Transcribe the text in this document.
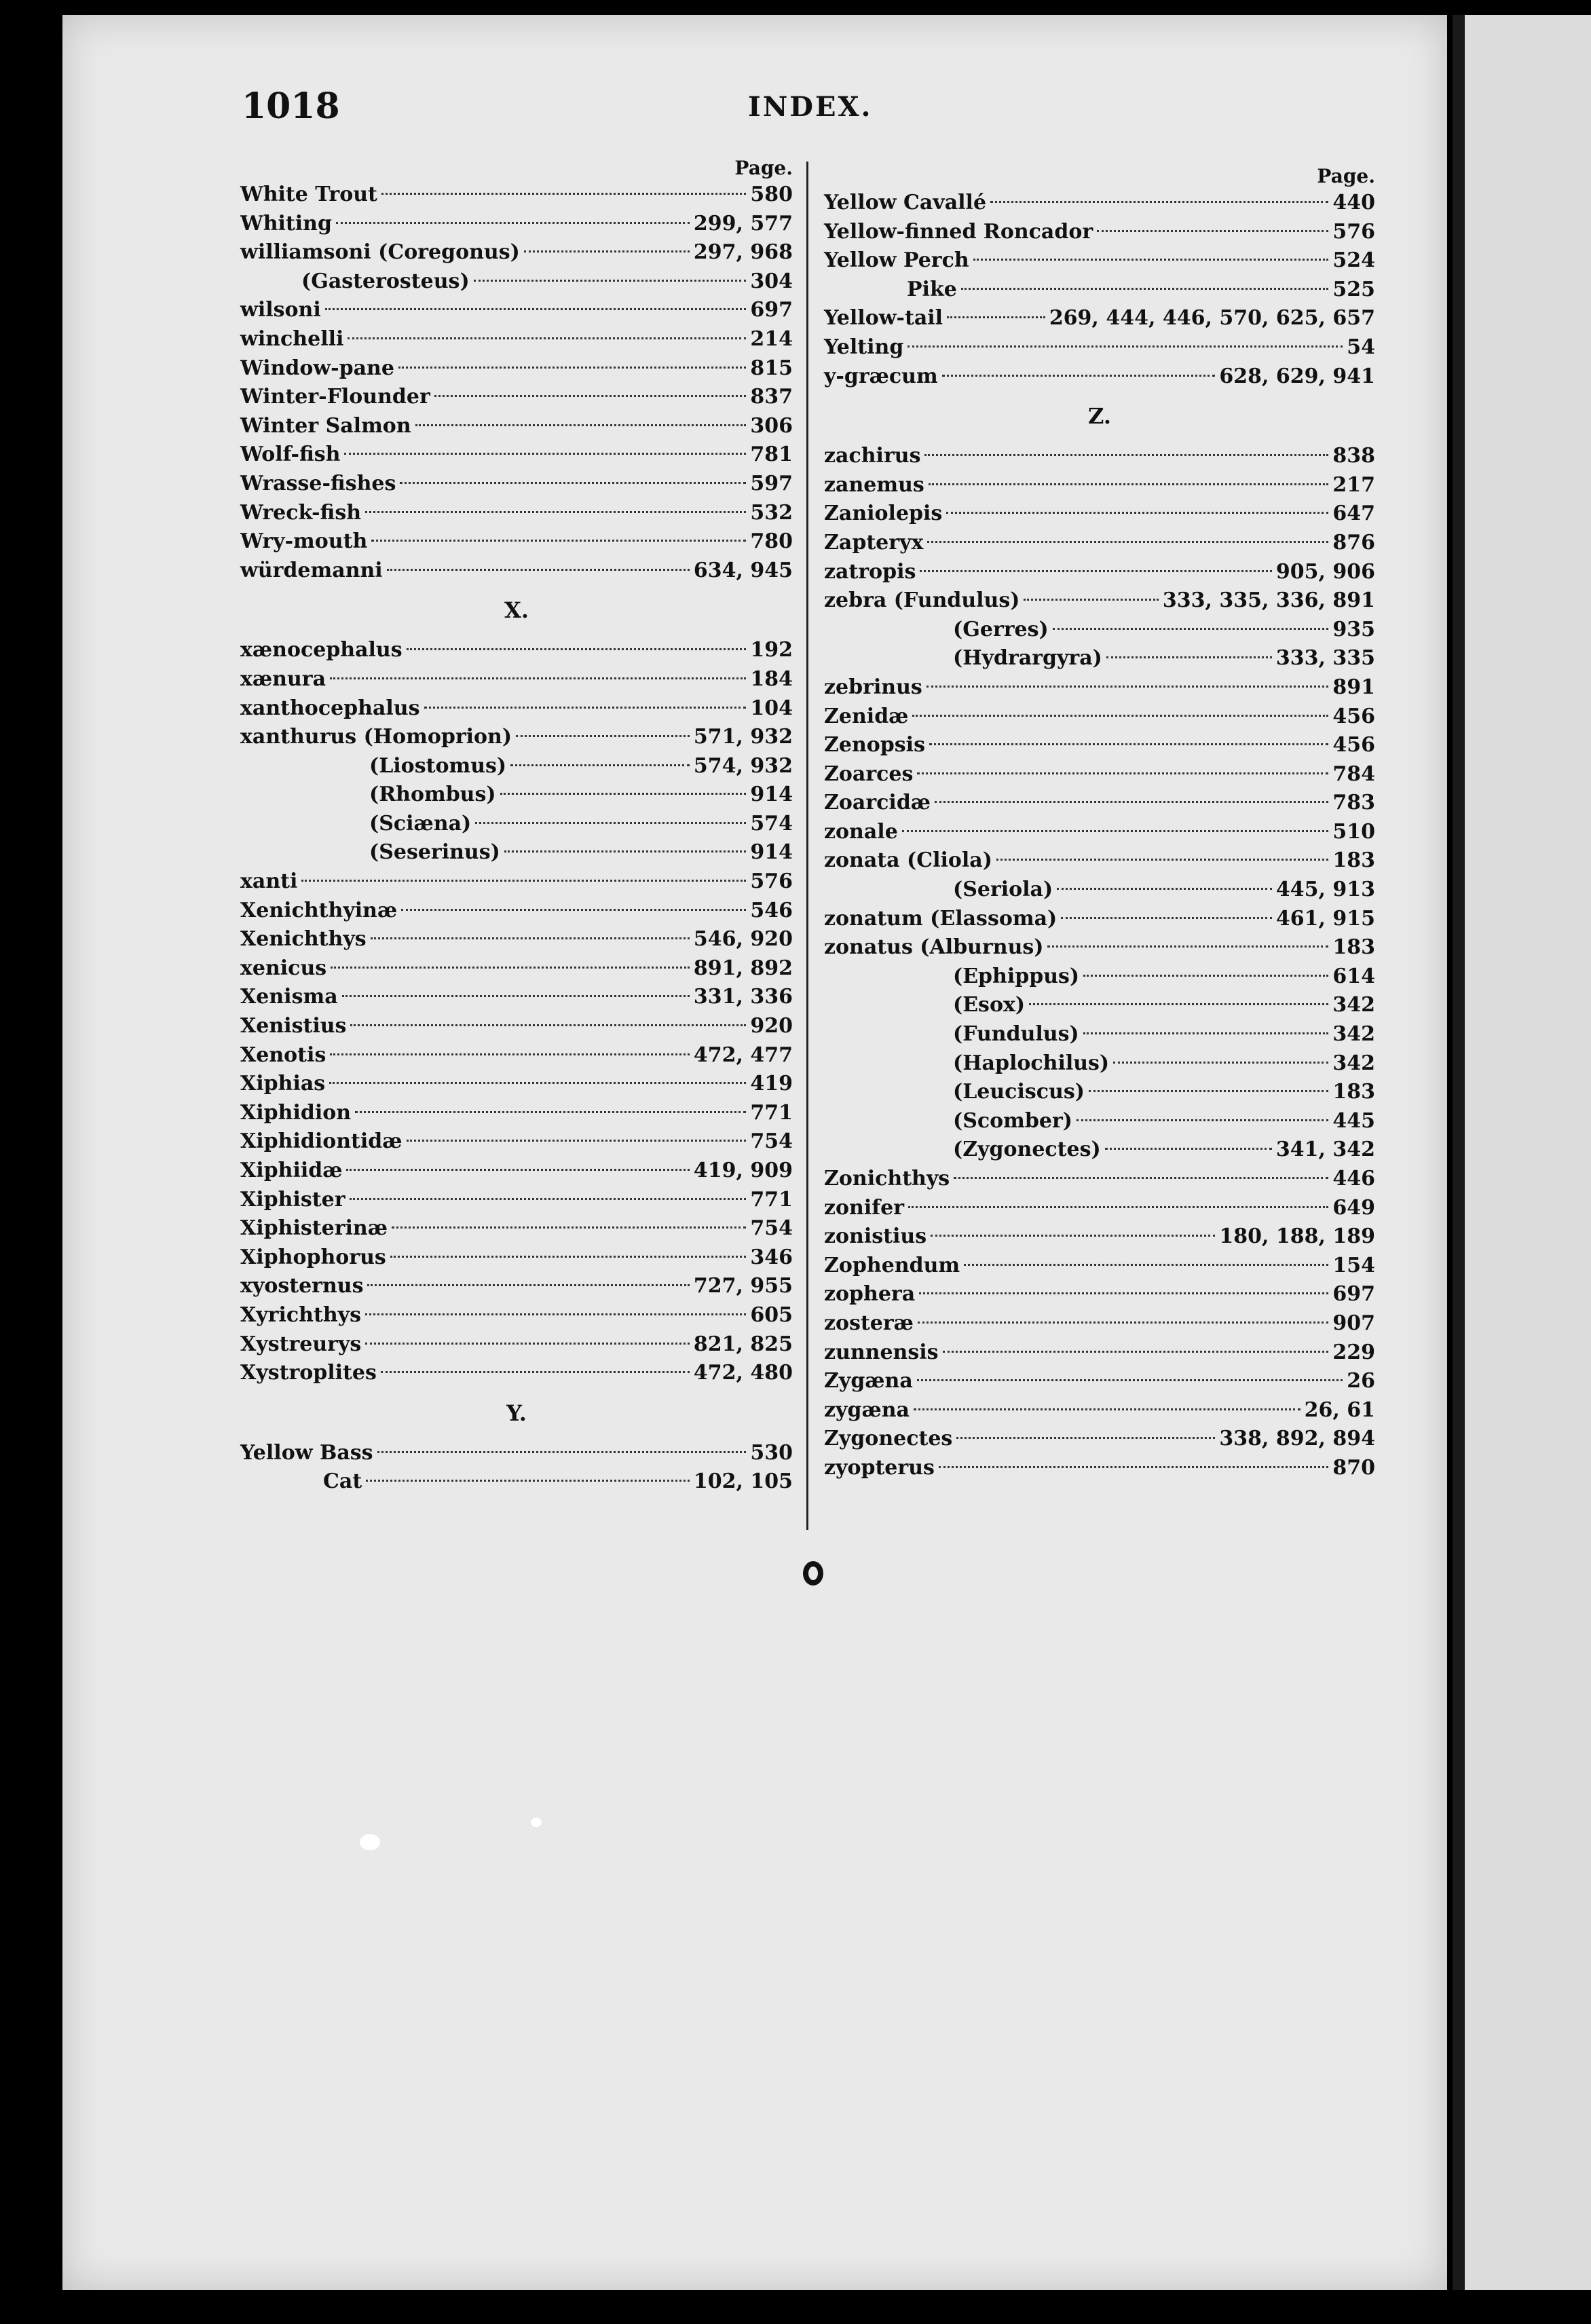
1018	INDEX.
Page.
White Trout	580
Whiting	299, 577
williamsoni (Coregonus)	297, 968
(Gasterosteus)	304
wilsoni	697
winchelli	214
Window-pane	815
Winter-Flounder	837
Winter Salmon	306
Wolf-fish	781
Wrasse-fishes	597
Wreck-fish	532
Wry-mouth	780
würdemanni	634, 945
X.
xænocephalus	192
xænura	184
xanthocephalus	104
xanthurus (Homoprion)	571, 932
(Liostomus)	574, 932
(Rhombus)	914
(Sciæna)	574
(Seserinus)	914
xanti	576
Xenichthyinæ	546
Xenichthys	546, 920
xenicus	891, 892
Xenisma	331, 336
Xenistius	920
Xenotis	472, 477
Xiphias	419
Xiphidion	771
Xiphidiontidæ	754
Xiphiidæ	419, 909
Xiphister	771
Xiphisterinæ	754
Xiphophorus	346
xyosternus	727, 955
Xyrichthys	605
Xystreurys	821, 825
Xystroplites	472, 480
Y.
Yellow Bass	530
Cat	102, 105
Page.
Yellow Cavallé	440
Yellow-finned Roncador	576
Yellow Perch	524
Pike	525
Yellow-tail	269, 444, 446, 570, 625, 657
Yelting	54
y-græcum	628, 629, 941
Z.
zachirus	838
zanemus	217
Zaniolepis	647
Zapteryx	876
zatropis	905, 906
zebra (Fundulus)	333, 335, 336, 891
(Gerres)	935
(Hydrargyra)	333, 335
zebrinus	891
Zenidæ	456
Zenopsis	456
Zoarces	784
Zoarcidæ	783
zonale	510
zonata (Cliola)	183
(Seriola)	445, 913
zonatum (Elassoma)	461, 915
zonatus (Alburnus)	183
(Ephippus)	614
(Esox)	342
(Fundulus)	342
(Haplochilus)	342
(Leuciscus)	183
(Scomber)	445
(Zygonectes)	341, 342
Zonichthys	446
zonifer	649
zonistius	180, 188, 189
Zophendum	154
zophera	697
zosteræ	907
zunnensis	229
Zygæna	26
zygæna	26, 61
Zygonectes	338, 892, 894
zyopterus	870
